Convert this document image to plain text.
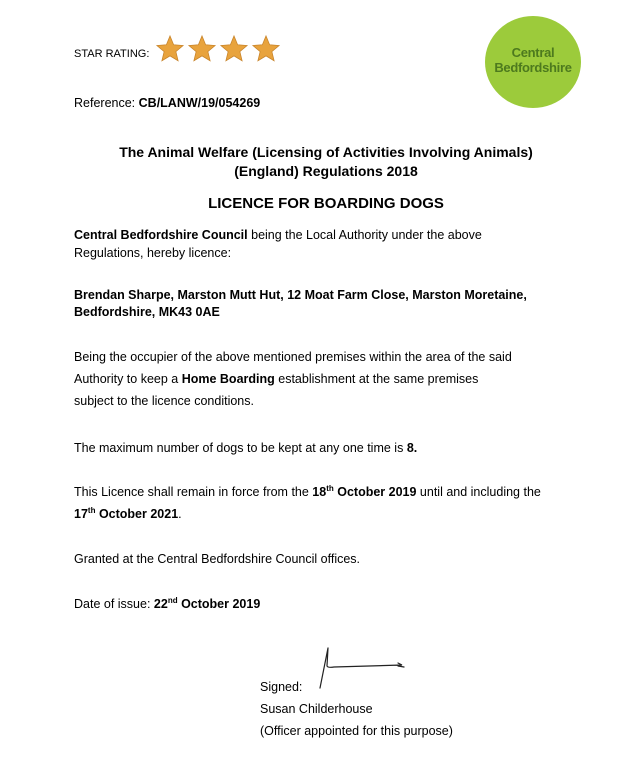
STAR RATING:	Central
Bedfordshire
Reference: CB/LANW/19/054269
The Animal Welfare (Licensing of Activities Involving Animals)
(England) Regulations 2018
LICENCE FOR BOARDING DOGS
Central Bedfordshire Council being the Local Authority under the above
Regulations, hereby licence:
Brendan Sharpe, Marston Mutt Hut, 12 Moat Farm Close, Marston Moretaine,
Bedfordshire, MK43 0AE
Being the occupier of the above mentioned premises within the area of the said
Authority to keep a Home Boarding establishment at the same premises
subject to the licence conditions.
The maximum number of dogs to be kept at any one time is 8.
This Licence shall remain in force from the 18th October 2019 until and including the
17th October 2021.
Granted at the Central Bedfordshire Council offices.
Date of issue: 22nd October 2019
Signed:
Susan Childerhouse
(Officer appointed for this purpose)
